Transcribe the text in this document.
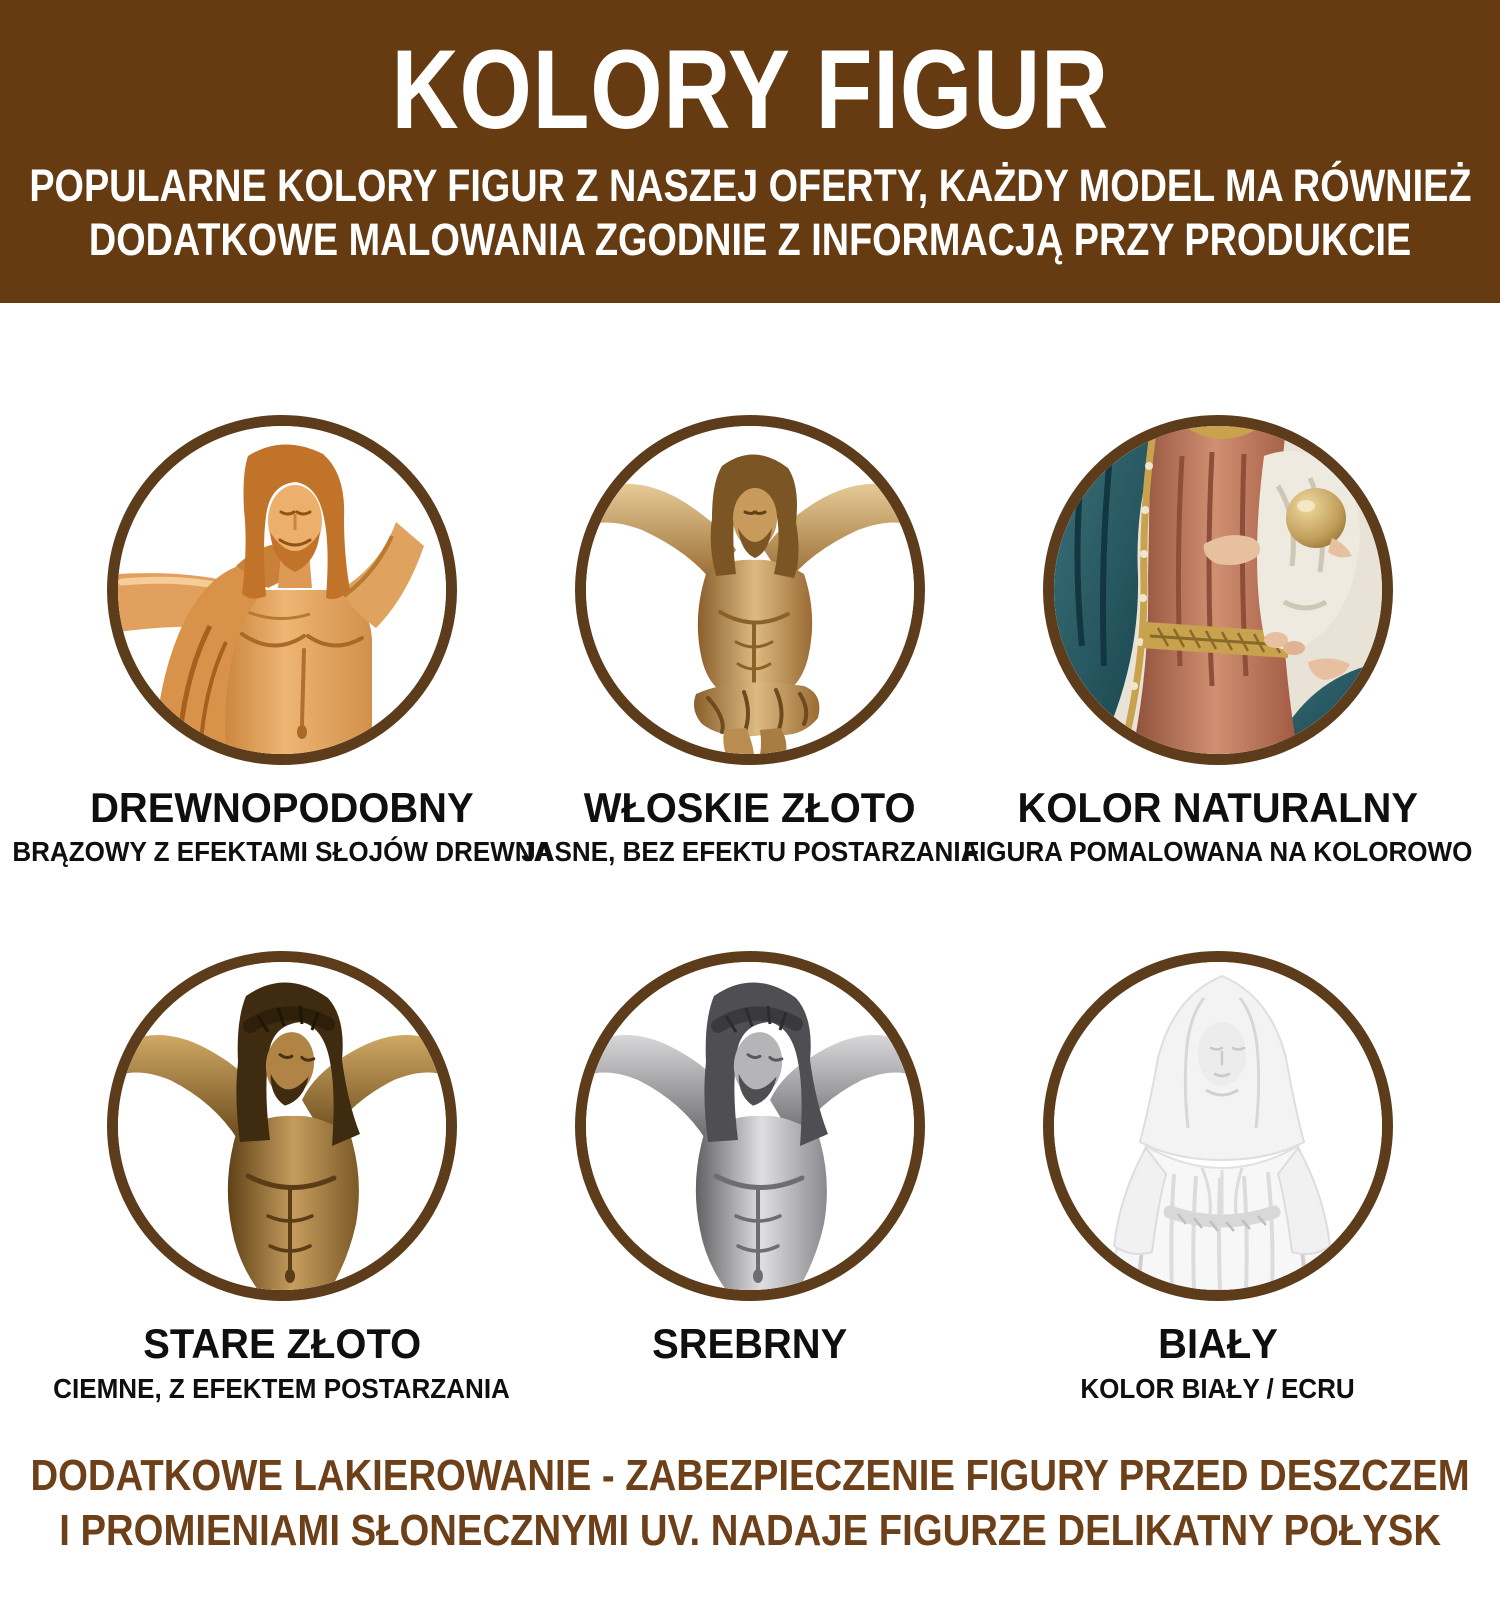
KOLORY FIGUR
POPULARNE KOLORY FIGUR Z NASZEJ OFERTY, KAŻDY MODEL MA RÓWNIEŻ
DODATKOWE MALOWANIA ZGODNIE Z INFORMACJĄ PRZY PRODUKCIE
DREWNOPODOBNY

BRĄZOWY Z EFEKTAMI SŁOJÓW DREWNA

WŁOSKIE ZŁOTO

JASNE, BEZ EFEKTU POSTARZANIA

KOLOR NATURALNY

FIGURA POMALOWANA NA KOLOROWO

STARE ZŁOTO

CIEMNE, Z EFEKTEM POSTARZANIA

SREBRNY	BIAŁY

KOLOR BIAŁY / ECRU

DODATKOWE LAKIEROWANIE - ZABEZPIECZENIE FIGURY PRZED DESZCZEM
I PROMIENIAMI SŁONECZNYMI UV. NADAJE FIGURZE DELIKATNY POŁYSK
